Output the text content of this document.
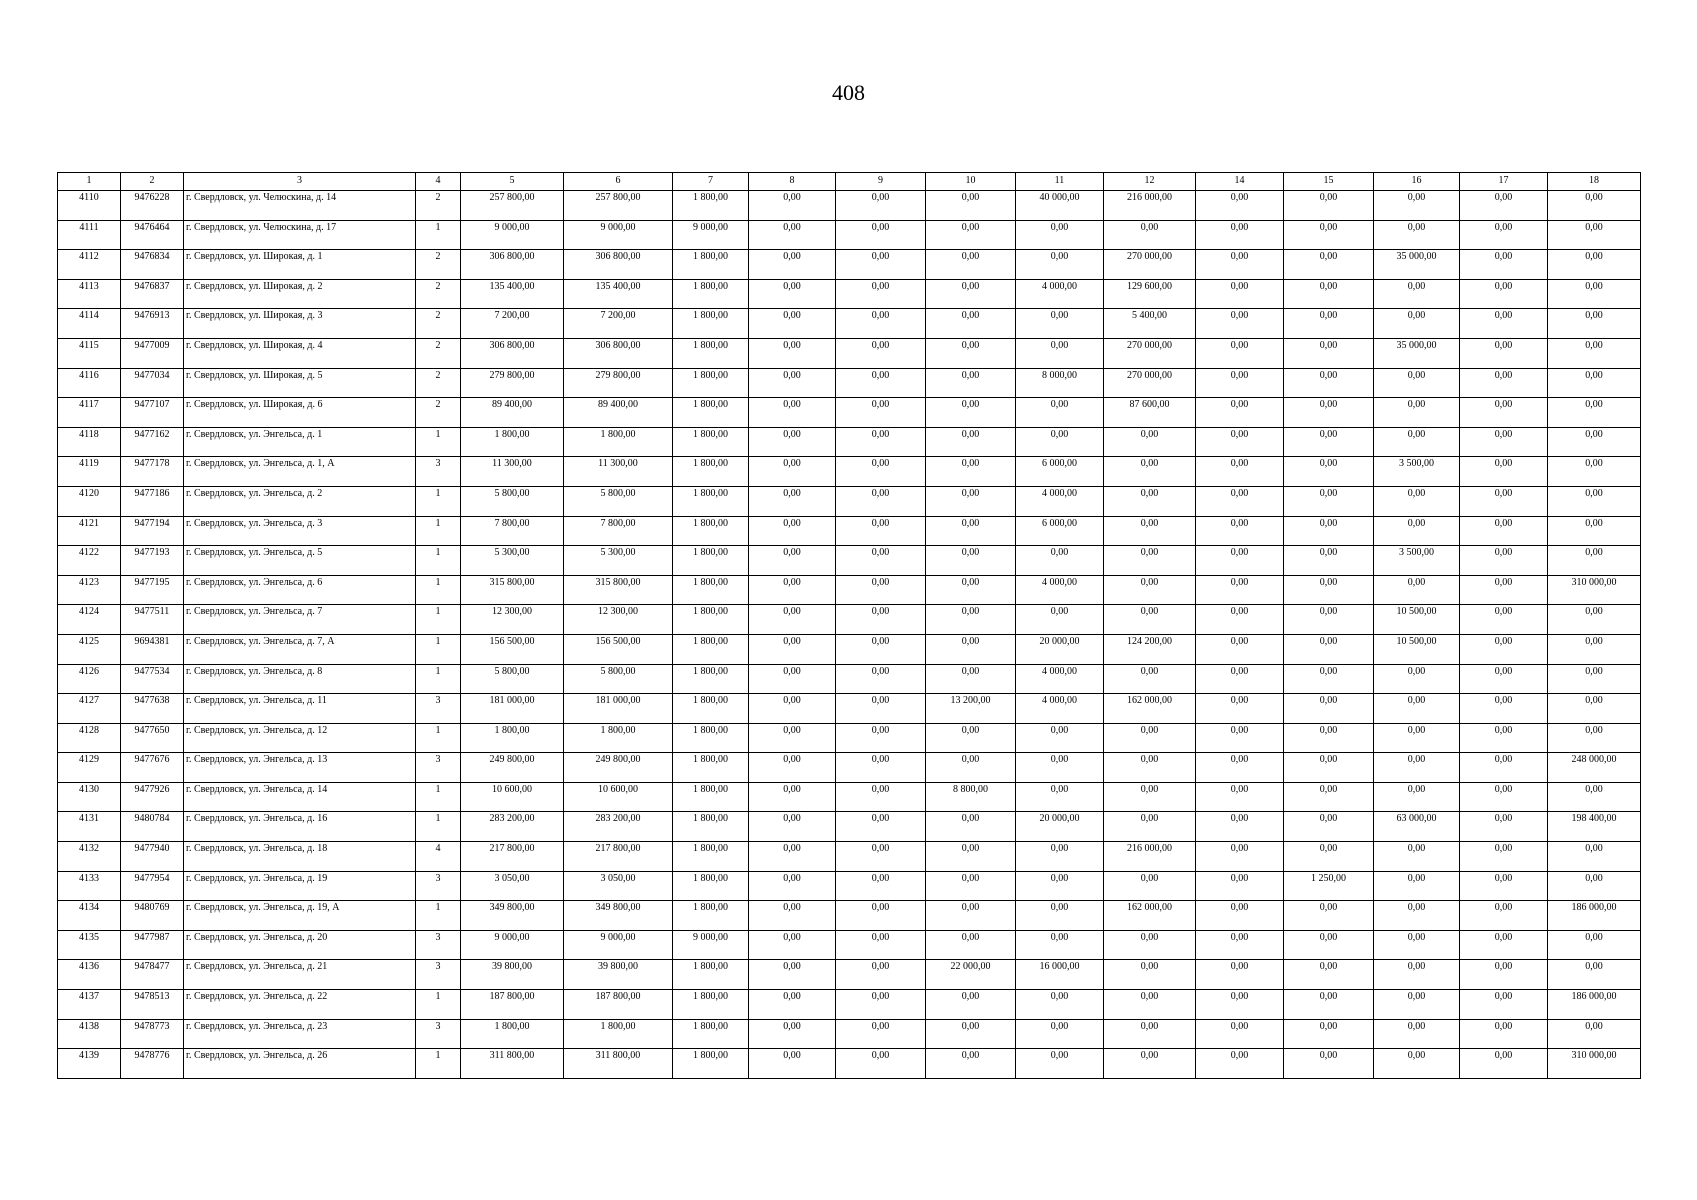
408
1	2	3	4	5	6	7	8	9	10	11	12	14	15	16	17	18
4110	9476228	г. Свердловск, ул. Челюскина, д. 14	2	257 800,00	257 800,00	1 800,00	0,00	0,00	0,00	40 000,00	216 000,00	0,00	0,00	0,00	0,00	0,00
4111	9476464	г. Свердловск, ул. Челюскина, д. 17	1	9 000,00	9 000,00	9 000,00	0,00	0,00	0,00	0,00	0,00	0,00	0,00	0,00	0,00	0,00
4112	9476834	г. Свердловск, ул. Широкая, д. 1	2	306 800,00	306 800,00	1 800,00	0,00	0,00	0,00	0,00	270 000,00	0,00	0,00	35 000,00	0,00	0,00
4113	9476837	г. Свердловск, ул. Широкая, д. 2	2	135 400,00	135 400,00	1 800,00	0,00	0,00	0,00	4 000,00	129 600,00	0,00	0,00	0,00	0,00	0,00
4114	9476913	г. Свердловск, ул. Широкая, д. 3	2	7 200,00	7 200,00	1 800,00	0,00	0,00	0,00	0,00	5 400,00	0,00	0,00	0,00	0,00	0,00
4115	9477009	г. Свердловск, ул. Широкая, д. 4	2	306 800,00	306 800,00	1 800,00	0,00	0,00	0,00	0,00	270 000,00	0,00	0,00	35 000,00	0,00	0,00
4116	9477034	г. Свердловск, ул. Широкая, д. 5	2	279 800,00	279 800,00	1 800,00	0,00	0,00	0,00	8 000,00	270 000,00	0,00	0,00	0,00	0,00	0,00
4117	9477107	г. Свердловск, ул. Широкая, д. 6	2	89 400,00	89 400,00	1 800,00	0,00	0,00	0,00	0,00	87 600,00	0,00	0,00	0,00	0,00	0,00
4118	9477162	г. Свердловск, ул. Энгельса, д. 1	1	1 800,00	1 800,00	1 800,00	0,00	0,00	0,00	0,00	0,00	0,00	0,00	0,00	0,00	0,00
4119	9477178	г. Свердловск, ул. Энгельса, д. 1, А	3	11 300,00	11 300,00	1 800,00	0,00	0,00	0,00	6 000,00	0,00	0,00	0,00	3 500,00	0,00	0,00
4120	9477186	г. Свердловск, ул. Энгельса, д. 2	1	5 800,00	5 800,00	1 800,00	0,00	0,00	0,00	4 000,00	0,00	0,00	0,00	0,00	0,00	0,00
4121	9477194	г. Свердловск, ул. Энгельса, д. 3	1	7 800,00	7 800,00	1 800,00	0,00	0,00	0,00	6 000,00	0,00	0,00	0,00	0,00	0,00	0,00
4122	9477193	г. Свердловск, ул. Энгельса, д. 5	1	5 300,00	5 300,00	1 800,00	0,00	0,00	0,00	0,00	0,00	0,00	0,00	3 500,00	0,00	0,00
4123	9477195	г. Свердловск, ул. Энгельса, д. 6	1	315 800,00	315 800,00	1 800,00	0,00	0,00	0,00	4 000,00	0,00	0,00	0,00	0,00	0,00	310 000,00
4124	9477511	г. Свердловск, ул. Энгельса, д. 7	1	12 300,00	12 300,00	1 800,00	0,00	0,00	0,00	0,00	0,00	0,00	0,00	10 500,00	0,00	0,00
4125	9694381	г. Свердловск, ул. Энгельса, д. 7, А	1	156 500,00	156 500,00	1 800,00	0,00	0,00	0,00	20 000,00	124 200,00	0,00	0,00	10 500,00	0,00	0,00
4126	9477534	г. Свердловск, ул. Энгельса, д. 8	1	5 800,00	5 800,00	1 800,00	0,00	0,00	0,00	4 000,00	0,00	0,00	0,00	0,00	0,00	0,00
4127	9477638	г. Свердловск, ул. Энгельса, д. 11	3	181 000,00	181 000,00	1 800,00	0,00	0,00	13 200,00	4 000,00	162 000,00	0,00	0,00	0,00	0,00	0,00
4128	9477650	г. Свердловск, ул. Энгельса, д. 12	1	1 800,00	1 800,00	1 800,00	0,00	0,00	0,00	0,00	0,00	0,00	0,00	0,00	0,00	0,00
4129	9477676	г. Свердловск, ул. Энгельса, д. 13	3	249 800,00	249 800,00	1 800,00	0,00	0,00	0,00	0,00	0,00	0,00	0,00	0,00	0,00	248 000,00
4130	9477926	г. Свердловск, ул. Энгельса, д. 14	1	10 600,00	10 600,00	1 800,00	0,00	0,00	8 800,00	0,00	0,00	0,00	0,00	0,00	0,00	0,00
4131	9480784	г. Свердловск, ул. Энгельса, д. 16	1	283 200,00	283 200,00	1 800,00	0,00	0,00	0,00	20 000,00	0,00	0,00	0,00	63 000,00	0,00	198 400,00
4132	9477940	г. Свердловск, ул. Энгельса, д. 18	4	217 800,00	217 800,00	1 800,00	0,00	0,00	0,00	0,00	216 000,00	0,00	0,00	0,00	0,00	0,00
4133	9477954	г. Свердловск, ул. Энгельса, д. 19	3	3 050,00	3 050,00	1 800,00	0,00	0,00	0,00	0,00	0,00	0,00	1 250,00	0,00	0,00	0,00
4134	9480769	г. Свердловск, ул. Энгельса, д. 19, А	1	349 800,00	349 800,00	1 800,00	0,00	0,00	0,00	0,00	162 000,00	0,00	0,00	0,00	0,00	186 000,00
4135	9477987	г. Свердловск, ул. Энгельса, д. 20	3	9 000,00	9 000,00	9 000,00	0,00	0,00	0,00	0,00	0,00	0,00	0,00	0,00	0,00	0,00
4136	9478477	г. Свердловск, ул. Энгельса, д. 21	3	39 800,00	39 800,00	1 800,00	0,00	0,00	22 000,00	16 000,00	0,00	0,00	0,00	0,00	0,00	0,00
4137	9478513	г. Свердловск, ул. Энгельса, д. 22	1	187 800,00	187 800,00	1 800,00	0,00	0,00	0,00	0,00	0,00	0,00	0,00	0,00	0,00	186 000,00
4138	9478773	г. Свердловск, ул. Энгельса, д. 23	3	1 800,00	1 800,00	1 800,00	0,00	0,00	0,00	0,00	0,00	0,00	0,00	0,00	0,00	0,00
4139	9478776	г. Свердловск, ул. Энгельса, д. 26	1	311 800,00	311 800,00	1 800,00	0,00	0,00	0,00	0,00	0,00	0,00	0,00	0,00	0,00	310 000,00
